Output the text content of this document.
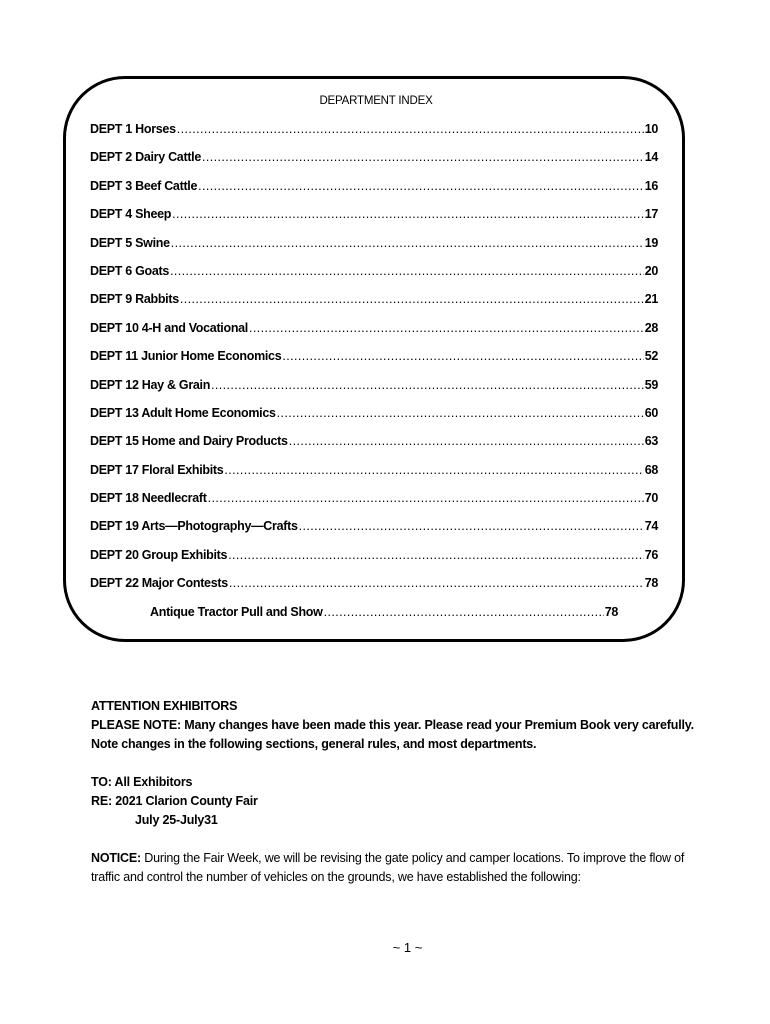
DEPARTMENT INDEX
DEPT 1 Horses .....	10
DEPT 2 Dairy Cattle .....	14
DEPT 3 Beef Cattle .....	16
DEPT 4 Sheep .....	17
DEPT 5 Swine .....	19
DEPT 6 Goats .....	20
DEPT 9 Rabbits .....	21
DEPT 10 4-H and Vocational .....	28
DEPT 11 Junior Home Economics .....	52
DEPT 12 Hay & Grain .....	59
DEPT 13 Adult Home Economics .....	60
DEPT 15 Home and Dairy Products .....	63
DEPT 17 Floral Exhibits .....	68
DEPT 18 Needlecraft .....	70
DEPT 19 Arts—Photography—Crafts .....	74
DEPT 20 Group Exhibits .....	76
DEPT 22 Major Contests .....	78
Antique Tractor Pull and Show .....	78
ATTENTION EXHIBITORS

PLEASE NOTE: Many changes have been made this year. Please read your Premium Book very carefully. Note changes in the following sections, general rules, and most departments.

TO: All Exhibitors
RE: 2021 Clarion County Fair
July 25-July31

NOTICE: During the Fair Week, we will be revising the gate policy and camper locations. To improve the flow of traffic and control the number of vehicles on the grounds, we have established the following:

~ 1 ~
